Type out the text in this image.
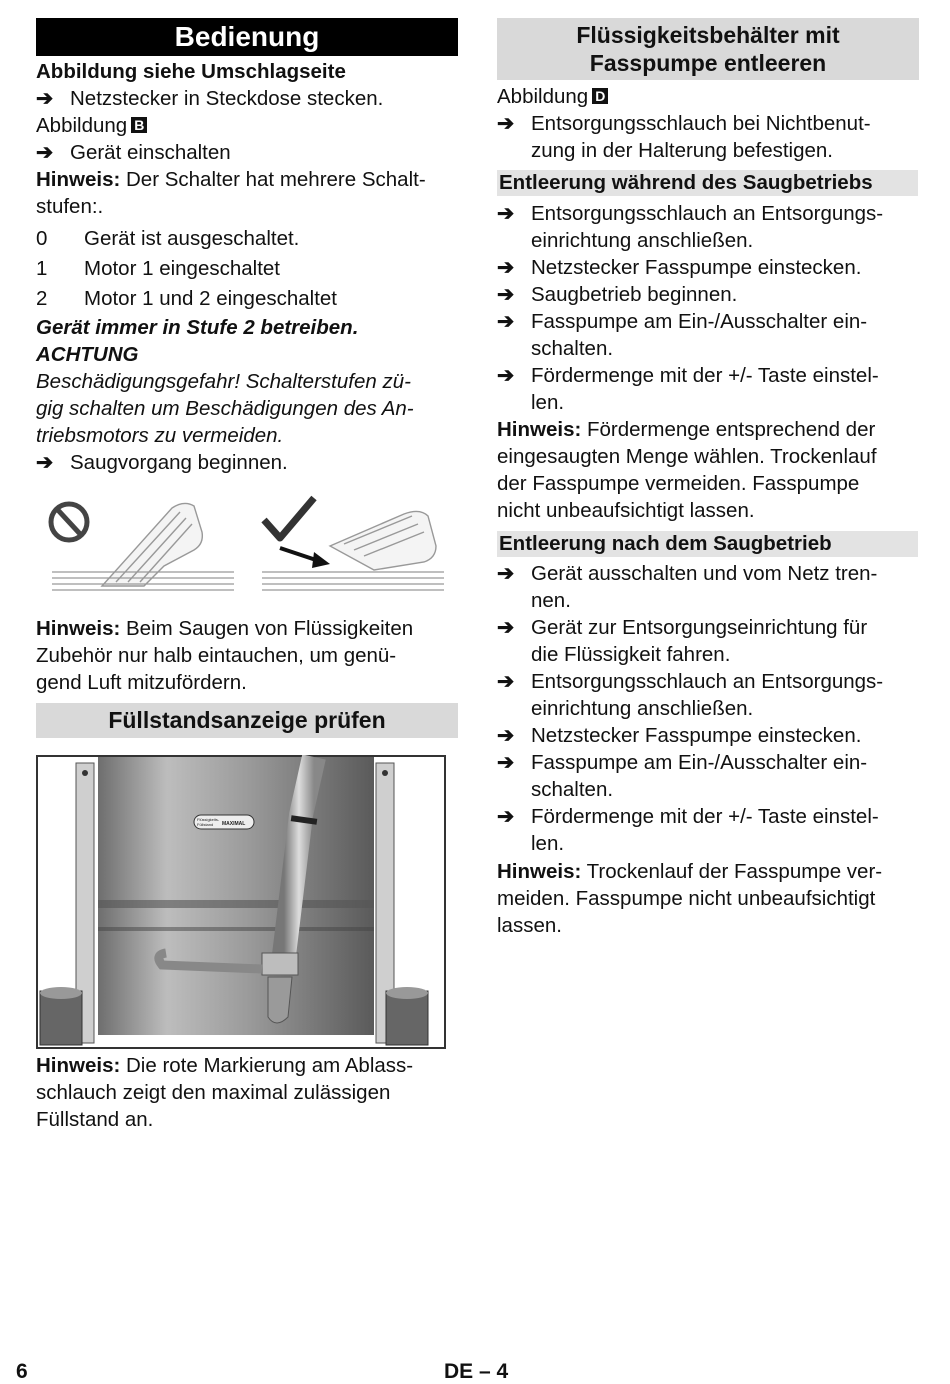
Bedienung
Abbildung siehe Umschlagseite
➔ Netzstecker in Steckdose stecken.
Abbildung B
➔ Gerät einschalten
Hinweis: Der Schalter hat mehrere Schalt-
stufen:.
0 Gerät ist ausgeschaltet.
1 Motor 1 eingeschaltet
2 Motor 1 und 2 eingeschaltet
Gerät immer in Stufe 2 betreiben.
ACHTUNG
Beschädigungsgefahr! Schalterstufen zü-
gig schalten um Beschädigungen des An-
triebsmotors zu vermeiden.
➔ Saugvorgang beginnen.
Hinweis: Beim Saugen von Flüssigkeiten
Zubehör nur halb eintauchen, um genü-
gend Luft mitzufördern.
Füllstandsanzeige prüfen
Flüssigkeits-
Füllstand MAXIMAL
Hinweis: Die rote Markierung am Ablass-
schlauch zeigt den maximal zulässigen
Füllstand an.
Flüssigkeitsbehälter mit
Fasspumpe entleeren
Abbildung D
➔ Entsorgungsschlauch bei Nichtbenut-
zung in der Halterung befestigen.
Entleerung während des Saugbetriebs
➔ Entsorgungsschlauch an Entsorgungs-
einrichtung anschließen.
➔ Netzstecker Fasspumpe einstecken.
➔ Saugbetrieb beginnen.
➔ Fasspumpe am Ein-/Ausschalter ein-
schalten.
➔ Fördermenge mit der +/- Taste einstel-
len.
Hinweis: Fördermenge entsprechend der
eingesaugten Menge wählen. Trockenlauf
der Fasspumpe vermeiden. Fasspumpe
nicht unbeaufsichtigt lassen.
Entleerung nach dem Saugbetrieb
➔ Gerät ausschalten und vom Netz tren-
nen.
➔ Gerät zur Entsorgungseinrichtung für
die Flüssigkeit fahren.
➔ Entsorgungsschlauch an Entsorgungs-
einrichtung anschließen.
➔ Netzstecker Fasspumpe einstecken.
➔ Fasspumpe am Ein-/Ausschalter ein-
schalten.
➔ Fördermenge mit der +/- Taste einstel-
len.
Hinweis: Trockenlauf der Fasspumpe ver-
meiden. Fasspumpe nicht unbeaufsichtigt
lassen.
6	DE – 4
